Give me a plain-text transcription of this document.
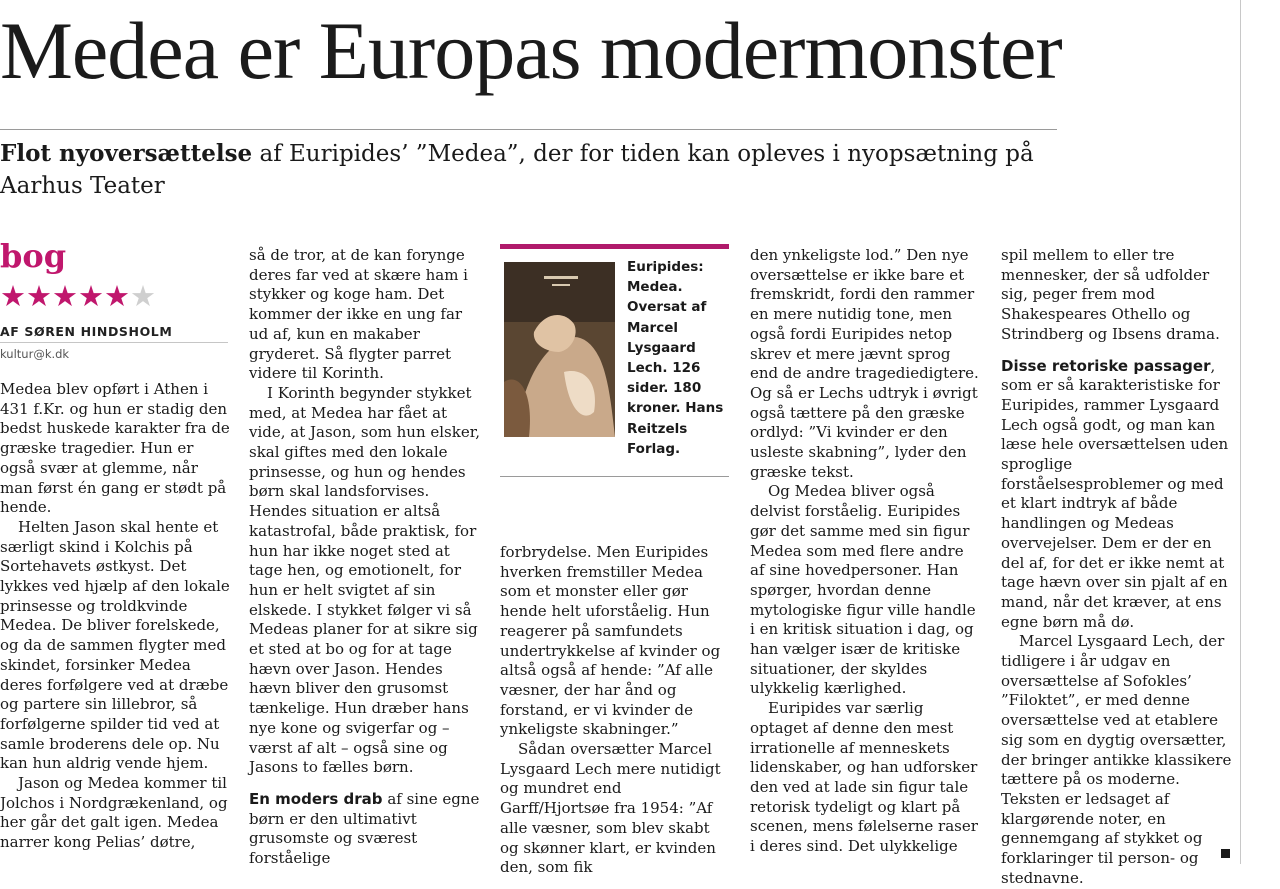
Medea er Europas modermonster

Flot nyoversættelse af Euripides’ ”Medea”, der for tiden kan opleves i nyopsætning på Aarhus Teater

bog
★★★★★★
AF SØREN HINDSHOLM
kultur@k.dk

Medea blev opført i Athen i 431 f.Kr. og hun er stadig den bedst huskede karakter fra de græske tragedier. Hun er også svær at glemme, når man først én gang er stødt på hende.

Helten Jason skal hente et særligt skind i Kolchis på Sortehavets østkyst. Det lykkes ved hjælp af den lokale prinsesse og troldkvinde Medea. De bliver forelskede, og da de sammen flygter med skindet, forsinker Medea deres forfølgere ved at dræbe og partere sin lillebror, så forfølgerne spilder tid ved at samle broderens dele op. Nu kan hun aldrig vende hjem.

Jason og Medea kommer til Jolchos i Nordgrækenland, og her går det galt igen. Medea narrer kong Pelias’ døtre,

så de tror, at de kan forynge deres far ved at skære ham i stykker og koge ham. Det kommer der ikke en ung far ud af, kun en makaber gryderet. Så flygter parret videre til Korinth.

I Korinth begynder stykket med, at Medea har fået at vide, at Jason, som hun elsker, skal giftes med den lokale prinsesse, og hun og hendes børn skal landsforvises. Hendes situation er altså katastrofal, både praktisk, for hun har ikke noget sted at tage hen, og emotionelt, for hun er helt svigtet af sin elskede. I stykket følger vi så Medeas planer for at sikre sig et sted at bo og for at tage hævn over Jason. Hendes hævn bliver den grusomst tænkelige. Hun dræber hans nye kone og svigerfar og – værst af alt – også sine og Jasons to fælles børn.

En moders drab af sine egne børn er den ultimativt grusomste og sværest forståelige

Euripides: Medea. Oversat af Marcel Lysgaard Lech. 126 sider. 180 kroner. Hans Reitzels Forlag.

forbrydelse. Men Euripides hverken fremstiller Medea som et monster eller gør hende helt uforståelig. Hun reagerer på samfundets undertrykkelse af kvinder og altså også af hende: ”Af alle væsner, der har ånd og forstand, er vi kvinder de ynkeligste skabninger.”

Sådan oversætter Marcel Lysgaard Lech mere nutidigt og mundret end Garff/Hjortsøe fra 1954: ”Af alle væsner, som blev skabt og skønner klart, er kvinden den, som fik

den ynkeligste lod.” Den nye oversættelse er ikke bare et fremskridt, fordi den rammer en mere nutidig tone, men også fordi Euripides netop skrev et mere jævnt sprog end de andre tragediedigtere. Og så er Lechs udtryk i øvrigt også tættere på den græske ordlyd: ”Vi kvinder er den usleste skabning”, lyder den græske tekst.

Og Medea bliver også delvist forståelig. Euripides gør det samme med sin figur Medea som med flere andre af sine hovedpersoner. Han spørger, hvordan denne mytologiske figur ville handle i en kritisk situation i dag, og han vælger især de kritiske situationer, der skyldes ulykkelig kærlighed.

Euripides var særlig optaget af denne den mest irrationelle af menneskets lidenskaber, og han udforsker den ved at lade sin figur tale retorisk tydeligt og klart på scenen, mens følelserne raser i deres sind. Det ulykkelige

spil mellem to eller tre mennesker, der så udfolder sig, peger frem mod Shakespeares Othello og Strindberg og Ibsens drama.

Disse retoriske passager, som er så karakteristiske for Euripides, rammer Lysgaard Lech også godt, og man kan læse hele oversættelsen uden sproglige forståelsesproblemer og med et klart indtryk af både handlingen og Medeas overvejelser. Dem er der en del af, for det er ikke nemt at tage hævn over sin pjalt af en mand, når det kræver, at ens egne børn må dø.

Marcel Lysgaard Lech, der tidligere i år udgav en oversættelse af Sofokles’ ”Filoktet”, er med denne oversættelse ved at etablere sig som en dygtig oversætter, der bringer antikke klassikere tættere på os moderne. Teksten er ledsaget af klargørende noter, en gennemgang af stykket og forklaringer til person- og stednavne.
